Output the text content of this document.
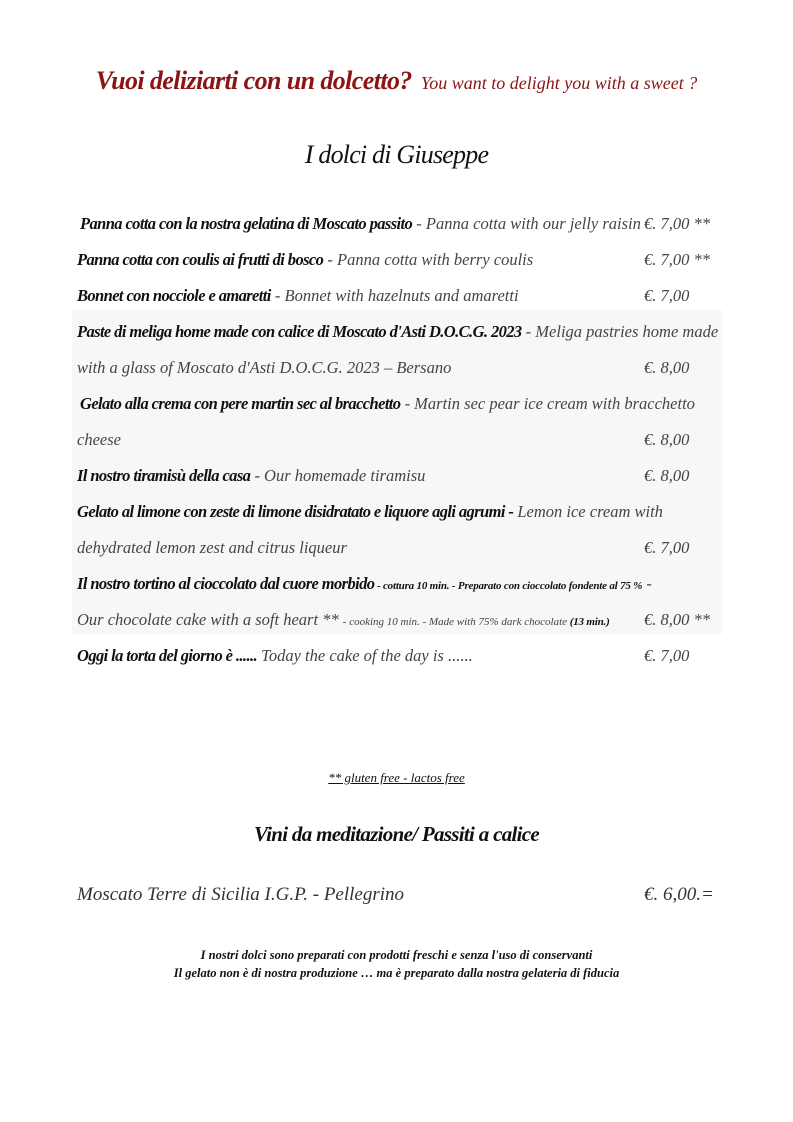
Vuoi deliziarti con un dolcetto? You want to delight you with a sweet ?
I dolci di Giuseppe
Panna cotta con la nostra gelatina di Moscato passito - Panna cotta with our jelly raisin €. 7,00 **
Panna cotta con coulis ai frutti di bosco - Panna cotta with berry coulis	€. 7,00 **
Bonnet con nocciole e amaretti - Bonnet with hazelnuts and amaretti	€. 7,00
Paste di meliga home made con calice di Moscato d'Asti D.O.C.G. 2023 - Meliga pastries home made
with a glass of Moscato d'Asti D.O.C.G. 2023 – Bersano	€. 8,00
Gelato alla crema con pere martin sec al bracchetto - Martin sec pear ice cream with bracchetto
cheese	€. 8,00
Il nostro tiramisù della casa - Our homemade tiramisu	€. 8,00
Gelato al limone con zeste di limone disidratato e liquore agli agrumi - Lemon ice cream with
dehydrated lemon zest and citrus liqueur	€. 7,00
Il nostro tortino al cioccolato dal cuore morbido - cottura 10 min. - Preparato con cioccolato fondente al 75 % -
Our chocolate cake with a soft heart ** - cooking 10 min. - Made with 75% dark chocolate (13 min.) €. 8,00 **
Oggi la torta del giorno è ...... Today the cake of the day is ......	€. 7,00
** gluten free - lactos free
Vini da meditazione/ Passiti a calice
Moscato Terre di Sicilia I.G.P. - Pellegrino	€. 6,00.=
I nostri dolci sono preparati con prodotti freschi e senza l'uso di conservanti
Il gelato non è di nostra produzione … ma è preparato dalla nostra gelateria di fiducia
